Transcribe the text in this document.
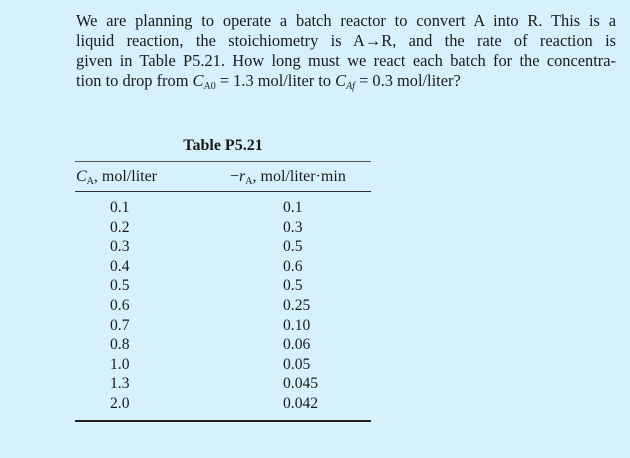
We are planning to operate a batch reactor to convert A into R. This is a
liquid reaction, the stoichiometry is A→R, and the rate of reaction is
given in Table P5.21. How long must we react each batch for the concentra-
tion to drop from $C_{A0} = 1.3$ mol/liter to $C_{Af} = 0.3$ mol/liter?
Table P5.21
$C_A$, mol/liter	$-r_A$, mol/liter·min
0.1
0.2
0.3
0.4
0.5
0.6
0.7
0.8
1.0
1.3
2.0
0.1
0.3
0.5
0.6
0.5
0.25
0.10
0.06
0.05
0.045
0.042
